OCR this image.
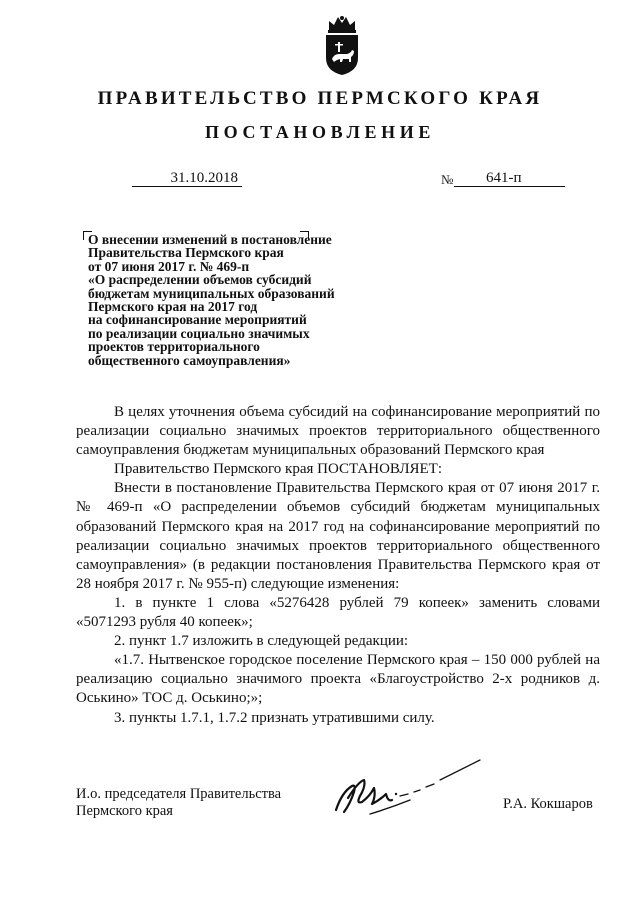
ПРАВИТЕЛЬСТВО ПЕРМСКОГО КРАЯ
ПОСТАНОВЛЕНИЕ
31.10.2018	№	641-п
О внесении изменений в постановление
Правительства Пермского края
от 07 июня 2017 г. № 469-п
«О распределении объемов субсидий
бюджетам муниципальных образований
Пермского края на 2017 год
на софинансирование мероприятий
по реализации социально значимых
проектов территориального
общественного самоуправления»

В целях уточнения объема субсидий на софинансирование мероприятий по реализации социально значимых проектов территориального общественного самоуправления бюджетам муниципальных образований Пермского края

Правительство Пермского края ПОСТАНОВЛЯЕТ:

Внести в постановление Правительства Пермского края от 07 июня 2017 г. № 469-п «О распределении объемов субсидий бюджетам муниципальных образований Пермского края на 2017 год на софинансирование мероприятий по реализации социально значимых проектов территориального общественного самоуправления» (в редакции постановления Правительства Пермского края от 28 ноября 2017 г. № 955-п) следующие изменения:

1. в пункте 1 слова «5276428 рублей 79 копеек» заменить словами «5071293 рубля 40 копеек»;

2. пункт 1.7 изложить в следующей редакции:

«1.7. Нытвенское городское поселение Пермского края – 150 000 рублей на реализацию социально значимого проекта «Благоустройство 2-х родников д. Оськино» ТОС д. Оськино;»;

3. пункты 1.7.1, 1.7.2 признать утратившими силу.

И.о. председателя Правительства
Пермского края	Р.А. Кокшаров
